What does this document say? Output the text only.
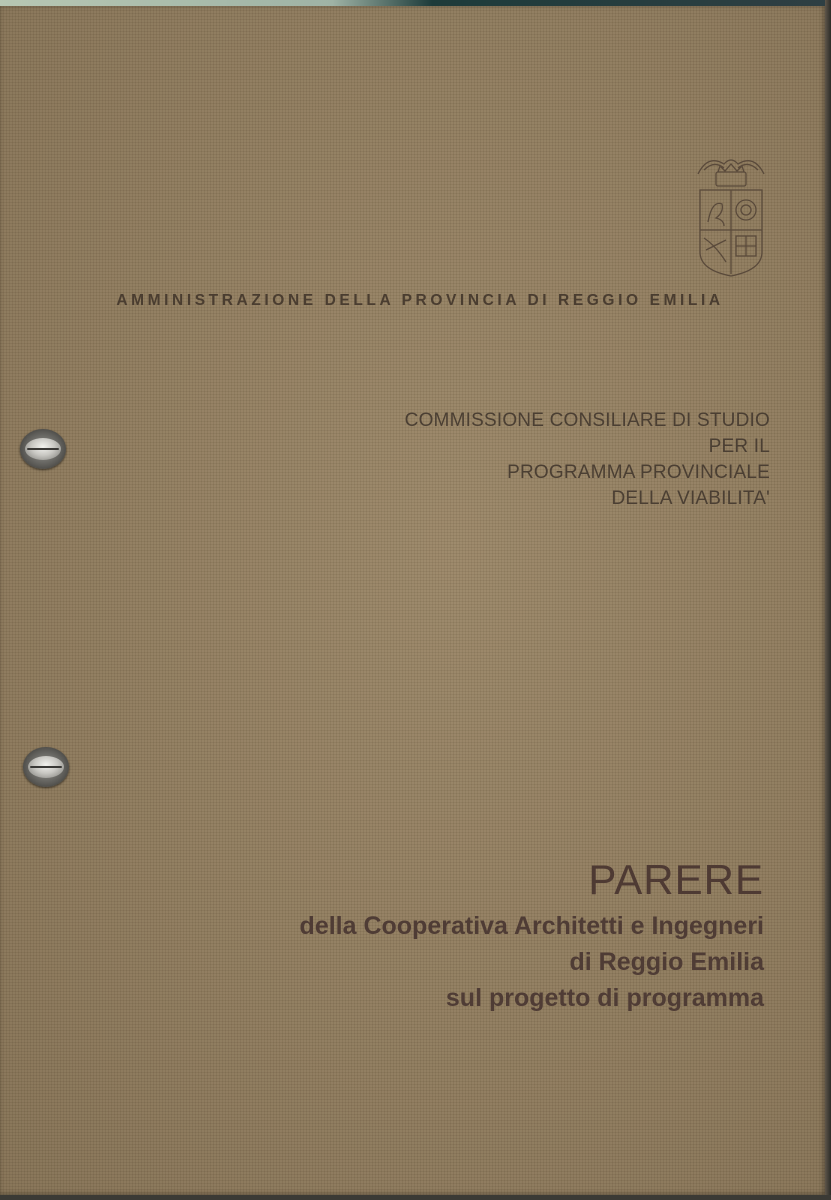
AMMINISTRAZIONE DELLA PROVINCIA DI REGGIO EMILIA
COMMISSIONE CONSILIARE DI STUDIO
PER IL
PROGRAMMA PROVINCIALE
DELLA VIABILITA'
PARERE
della Cooperativa Architetti e Ingegneri
di Reggio Emilia
sul progetto di programma
